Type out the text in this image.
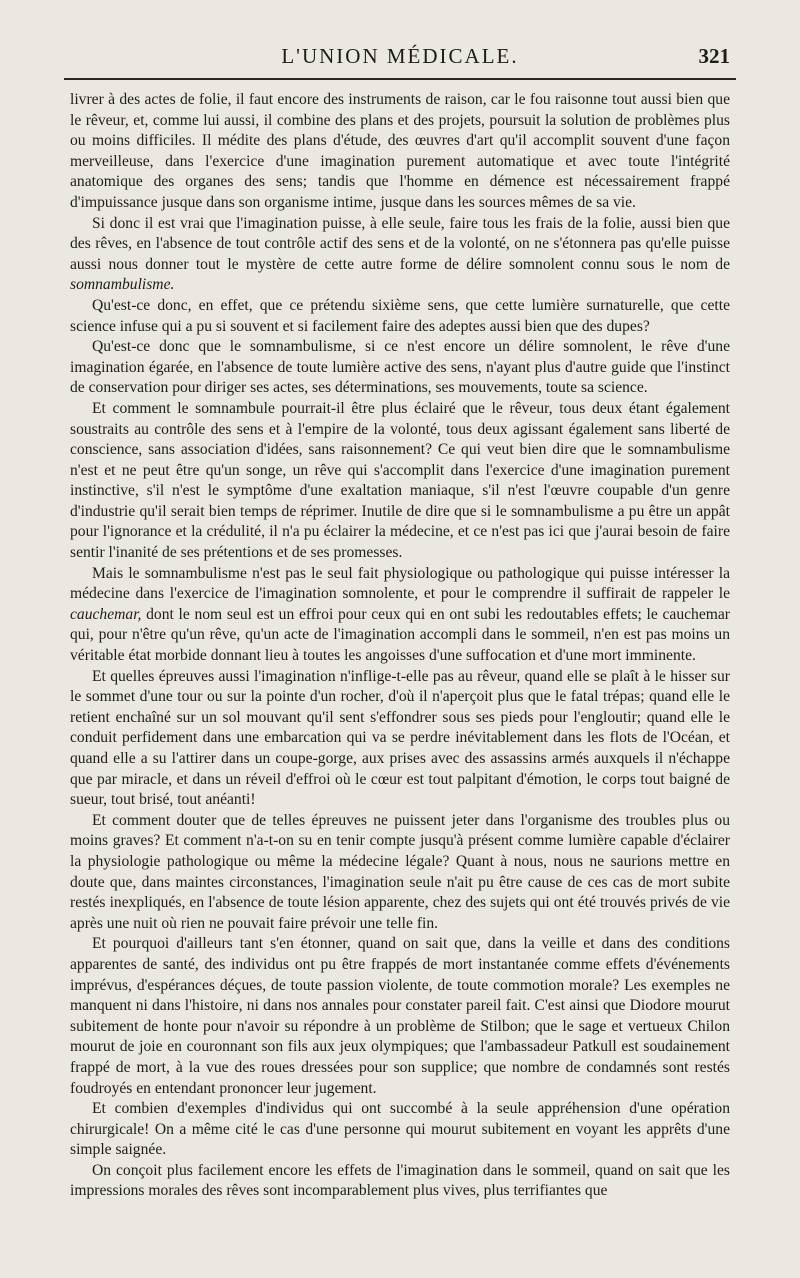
L'UNION MÉDICALE.	321

livrer à des actes de folie, il faut encore des instruments de raison, car le fou raisonne tout aussi bien que le rêveur, et, comme lui aussi, il combine des plans et des projets, poursuit la solution de problèmes plus ou moins difficiles. Il médite des plans d'étude, des œuvres d'art qu'il accomplit souvent d'une façon merveilleuse, dans l'exercice d'une imagination purement automatique et avec toute l'intégrité anatomique des organes des sens; tandis que l'homme en démence est nécessairement frappé d'impuissance jusque dans son organisme intime, jusque dans les sources mêmes de sa vie.

Si donc il est vrai que l'imagination puisse, à elle seule, faire tous les frais de la folie, aussi bien que des rêves, en l'absence de tout contrôle actif des sens et de la volonté, on ne s'étonnera pas qu'elle puisse aussi nous donner tout le mystère de cette autre forme de délire somnolent connu sous le nom de somnambulisme.

Qu'est-ce donc, en effet, que ce prétendu sixième sens, que cette lumière surnaturelle, que cette science infuse qui a pu si souvent et si facilement faire des adeptes aussi bien que des dupes?

Qu'est-ce donc que le somnambulisme, si ce n'est encore un délire somnolent, le rêve d'une imagination égarée, en l'absence de toute lumière active des sens, n'ayant plus d'autre guide que l'instinct de conservation pour diriger ses actes, ses déterminations, ses mouvements, toute sa science.

Et comment le somnambule pourrait-il être plus éclairé que le rêveur, tous deux étant également soustraits au contrôle des sens et à l'empire de la volonté, tous deux agissant également sans liberté de conscience, sans association d'idées, sans raisonnement? Ce qui veut bien dire que le somnambulisme n'est et ne peut être qu'un songe, un rêve qui s'accomplit dans l'exercice d'une imagination purement instinctive, s'il n'est le symptôme d'une exaltation maniaque, s'il n'est l'œuvre coupable d'un genre d'industrie qu'il serait bien temps de réprimer. Inutile de dire que si le somnambulisme a pu être un appât pour l'ignorance et la crédulité, il n'a pu éclairer la médecine, et ce n'est pas ici que j'aurai besoin de faire sentir l'inanité de ses prétentions et de ses promesses.

Mais le somnambulisme n'est pas le seul fait physiologique ou pathologique qui puisse intéresser la médecine dans l'exercice de l'imagination somnolente, et pour le comprendre il suffirait de rappeler le cauchemar, dont le nom seul est un effroi pour ceux qui en ont subi les redoutables effets; le cauchemar qui, pour n'être qu'un rêve, qu'un acte de l'imagination accompli dans le sommeil, n'en est pas moins un véritable état morbide donnant lieu à toutes les angoisses d'une suffocation et d'une mort imminente.

Et quelles épreuves aussi l'imagination n'inflige-t-elle pas au rêveur, quand elle se plaît à le hisser sur le sommet d'une tour ou sur la pointe d'un rocher, d'où il n'aperçoit plus que le fatal trépas; quand elle le retient enchaîné sur un sol mouvant qu'il sent s'effondrer sous ses pieds pour l'engloutir; quand elle le conduit perfidement dans une embarcation qui va se perdre inévitablement dans les flots de l'Océan, et quand elle a su l'attirer dans un coupe-gorge, aux prises avec des assassins armés auxquels il n'échappe que par miracle, et dans un réveil d'effroi où le cœur est tout palpitant d'émotion, le corps tout baigné de sueur, tout brisé, tout anéanti!

Et comment douter que de telles épreuves ne puissent jeter dans l'organisme des troubles plus ou moins graves? Et comment n'a-t-on su en tenir compte jusqu'à présent comme lumière capable d'éclairer la physiologie pathologique ou même la médecine légale? Quant à nous, nous ne saurions mettre en doute que, dans maintes circonstances, l'imagination seule n'ait pu être cause de ces cas de mort subite restés inexpliqués, en l'absence de toute lésion apparente, chez des sujets qui ont été trouvés privés de vie après une nuit où rien ne pouvait faire prévoir une telle fin.

Et pourquoi d'ailleurs tant s'en étonner, quand on sait que, dans la veille et dans des conditions apparentes de santé, des individus ont pu être frappés de mort instantanée comme effets d'événements imprévus, d'espérances déçues, de toute passion violente, de toute commotion morale? Les exemples ne manquent ni dans l'histoire, ni dans nos annales pour constater pareil fait. C'est ainsi que Diodore mourut subitement de honte pour n'avoir su répondre à un problème de Stilbon; que le sage et vertueux Chilon mourut de joie en couronnant son fils aux jeux olympiques; que l'ambassadeur Patkull est soudainement frappé de mort, à la vue des roues dressées pour son supplice; que nombre de condamnés sont restés foudroyés en entendant prononcer leur jugement.

Et combien d'exemples d'individus qui ont succombé à la seule appréhension d'une opération chirurgicale! On a même cité le cas d'une personne qui mourut subitement en voyant les apprêts d'une simple saignée.

On conçoit plus facilement encore les effets de l'imagination dans le sommeil, quand on sait que les impressions morales des rêves sont incomparablement plus vives, plus terrifiantes que
